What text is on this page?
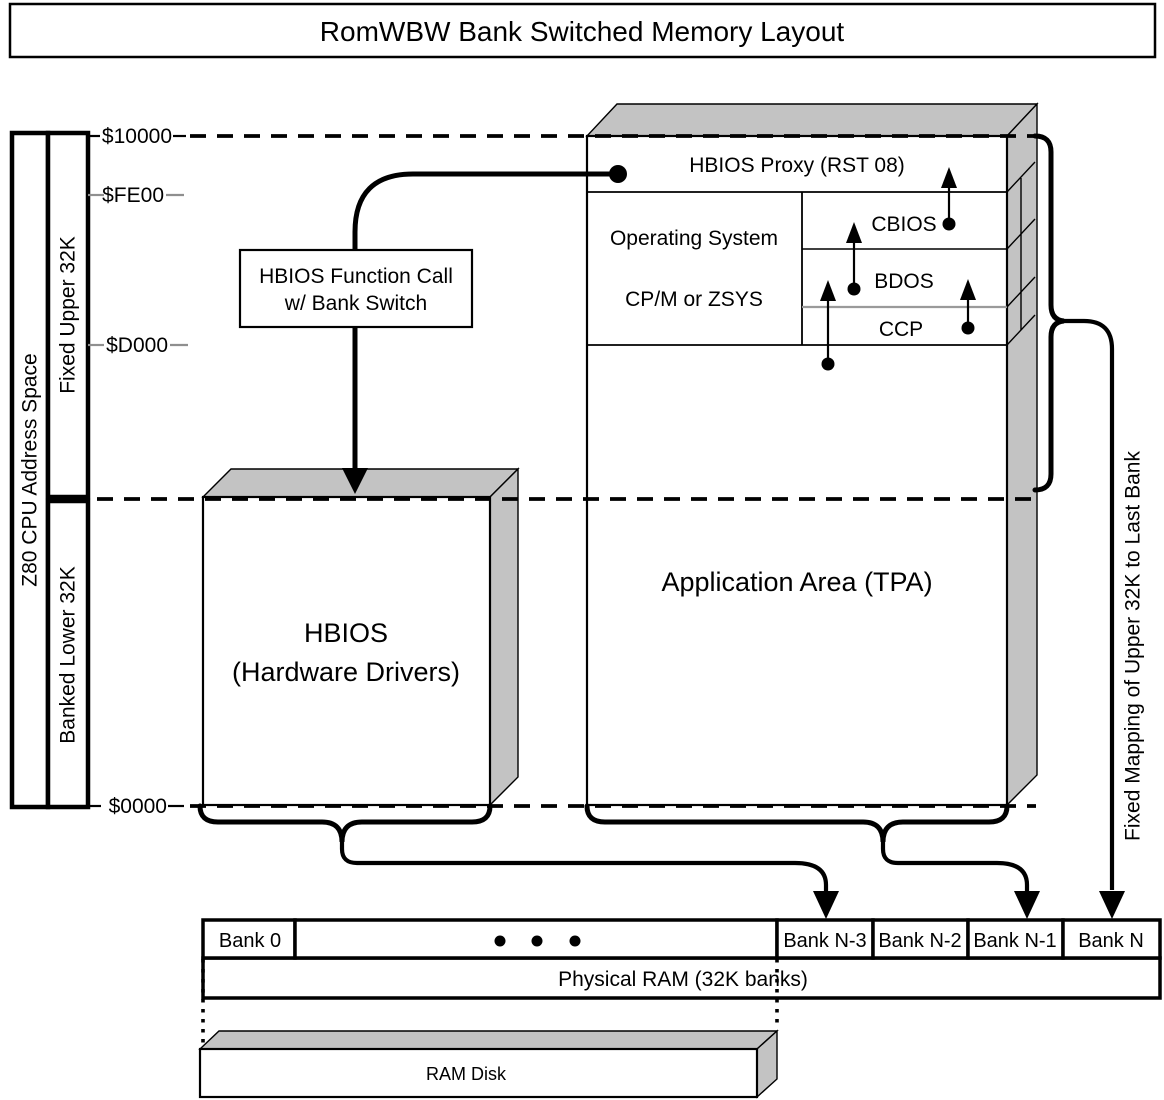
RomWBW Bank Switched Memory Layout
Z80 CPU Address Space
Fixed Upper 32K
Banked Lower 32K
$10000
$FE00
$D000
$0000
HBIOS Proxy (RST 08)
Operating System
CP/M or ZSYS
CBIOS
BDOS
CCP
Application Area (TPA)
HBIOS Function Call
w/ Bank Switch
HBIOS
(Hardware Drivers)	Fixed Mapping of Upper 32K to Last Bank
Bank 0	Bank N-3 Bank N-2 Bank N-1 Bank N
Physical RAM (32K banks)
RAM Disk
